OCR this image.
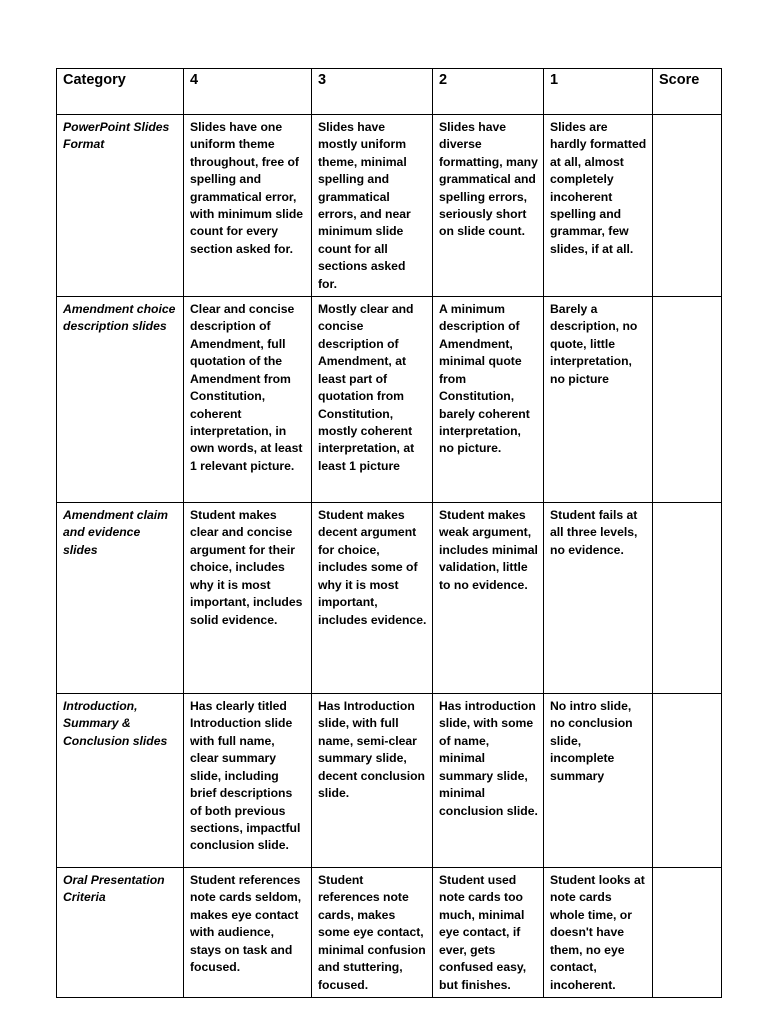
Category	4	3	2	1	Score
PowerPoint Slides Format	Slides have one uniform theme throughout, free of spelling and grammatical error, with minimum slide count for every section asked for.	Slides have mostly uniform theme, minimal spelling and grammatical errors, and near minimum slide count for all sections asked for.	Slides have diverse formatting, many grammatical and spelling errors, seriously short on slide count.	Slides are hardly formatted at all, almost completely incoherent spelling and grammar, few slides, if at all.	
Amendment choice description slides	Clear and concise description of Amendment, full quotation of the Amendment from Constitution, coherent interpretation, in own words, at least 1 relevant picture.	Mostly clear and concise description of Amendment, at least part of quotation from Constitution, mostly coherent interpretation, at least 1 picture	A minimum description of Amendment, minimal quote from Constitution, barely coherent interpretation, no picture.	Barely a description, no quote, little interpretation, no picture	
Amendment claim and evidence slides	Student makes clear and concise argument for their choice, includes why it is most important, includes solid evidence.	Student makes decent argument for choice, includes some of why it is most important, includes evidence.	Student makes weak argument, includes minimal validation, little to no evidence.	Student fails at all three levels, no evidence.	
Introduction, Summary & Conclusion slides	Has clearly titled Introduction slide with full name, clear summary slide, including brief descriptions of both previous sections, impactful conclusion slide.	Has Introduction slide, with full name, semi-clear summary slide, decent conclusion slide.	Has introduction slide, with some of name, minimal summary slide, minimal conclusion slide.	No intro slide, no conclusion slide, incomplete summary	
Oral Presentation Criteria	Student references note cards seldom, makes eye contact with audience, stays on task and focused.	Student references note cards, makes some eye contact, minimal confusion and stuttering, focused.	Student used note cards too much, minimal eye contact, if ever, gets confused easy, but finishes.	Student looks at note cards whole time, or doesn't have them, no eye contact, incoherent.	
